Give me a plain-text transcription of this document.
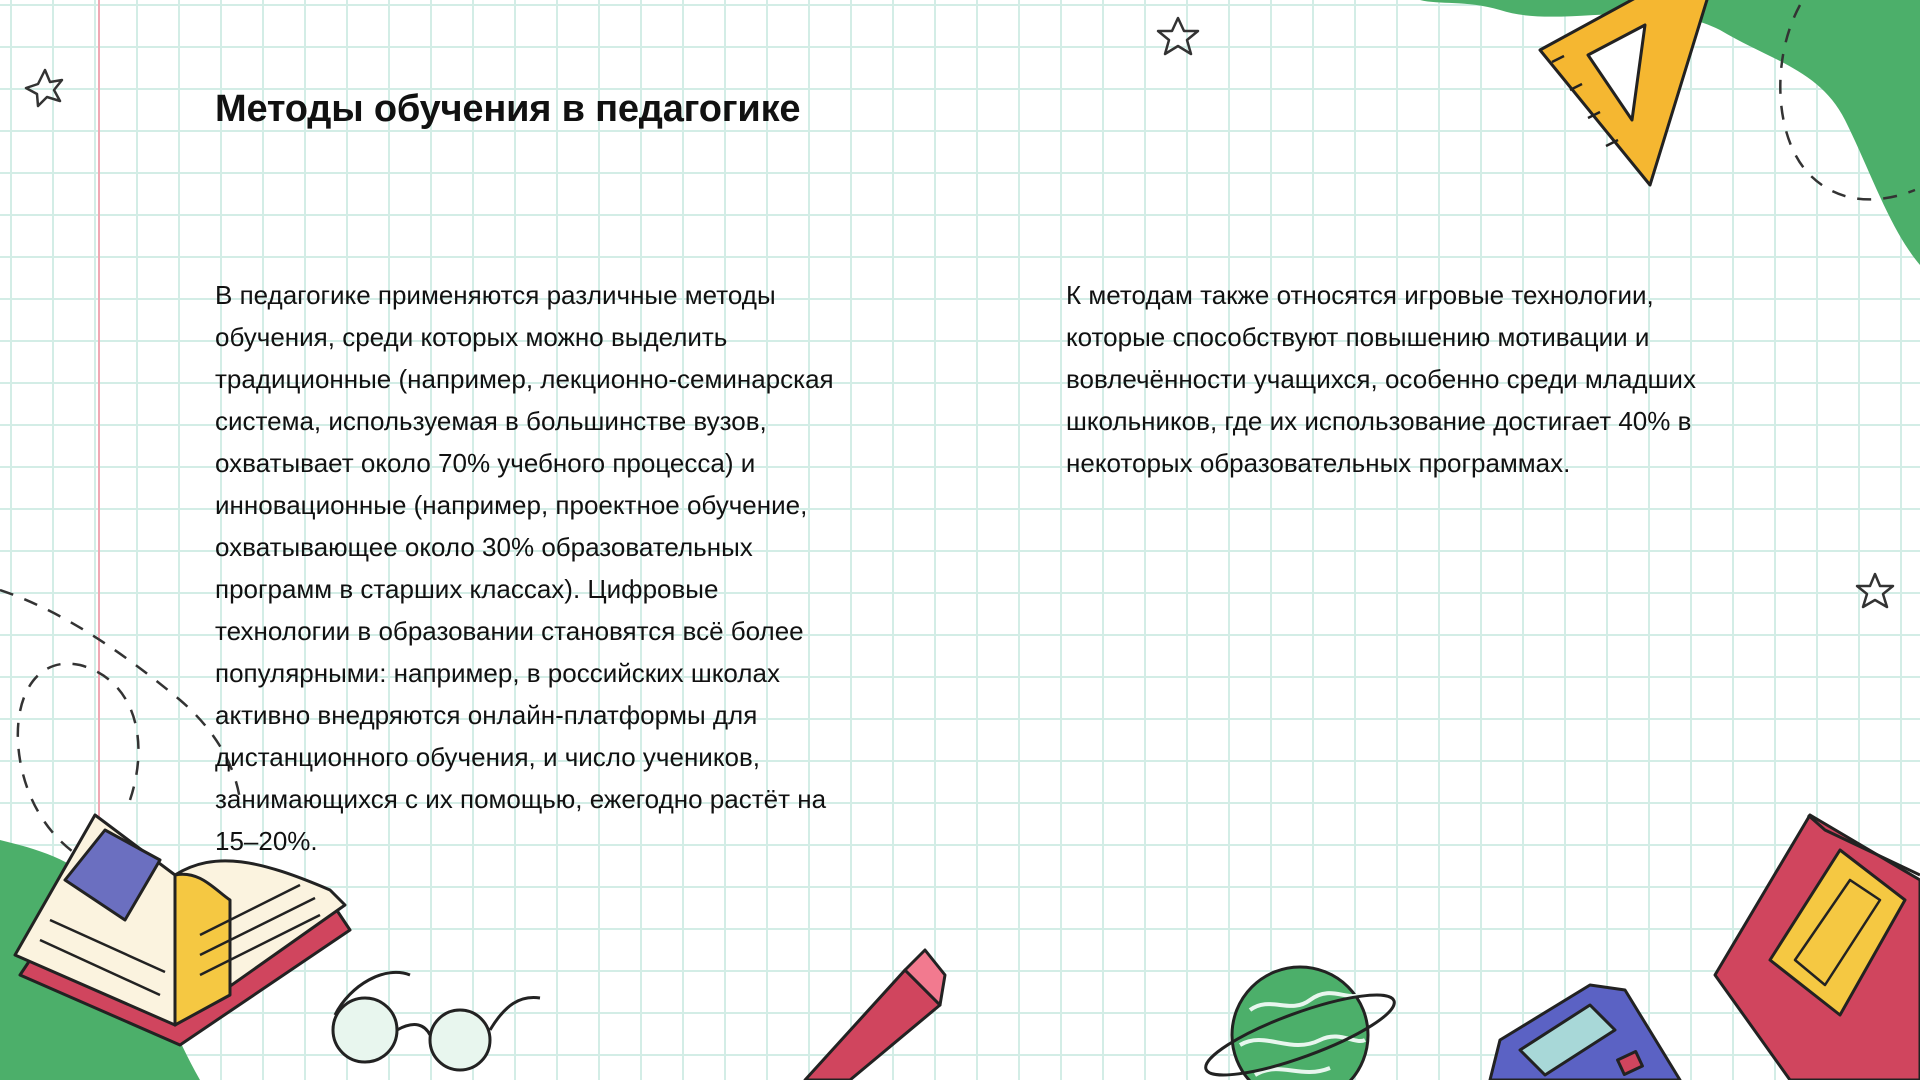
Методы обучения в педагогике

В педагогике применяются различные методы обучения, среди которых можно выделить традиционные (например, лекционно-семинарская система, используемая в большинстве вузов, охватывает около 70% учебного процесса) и инновационные (например, проектное обучение, охватывающее около 30% образовательных программ в старших классах). Цифровые технологии в образовании становятся всё более популярными: например, в российских школах активно внедряются онлайн-платформы для дистанционного обучения, и число учеников, занимающихся с их помощью, ежегодно растёт на 15–20%.

К методам также относятся игровые технологии, которые способствуют повышению мотивации и вовлечённости учащихся, особенно среди младших школьников, где их использование достигает 40% в некоторых образовательных программах.
